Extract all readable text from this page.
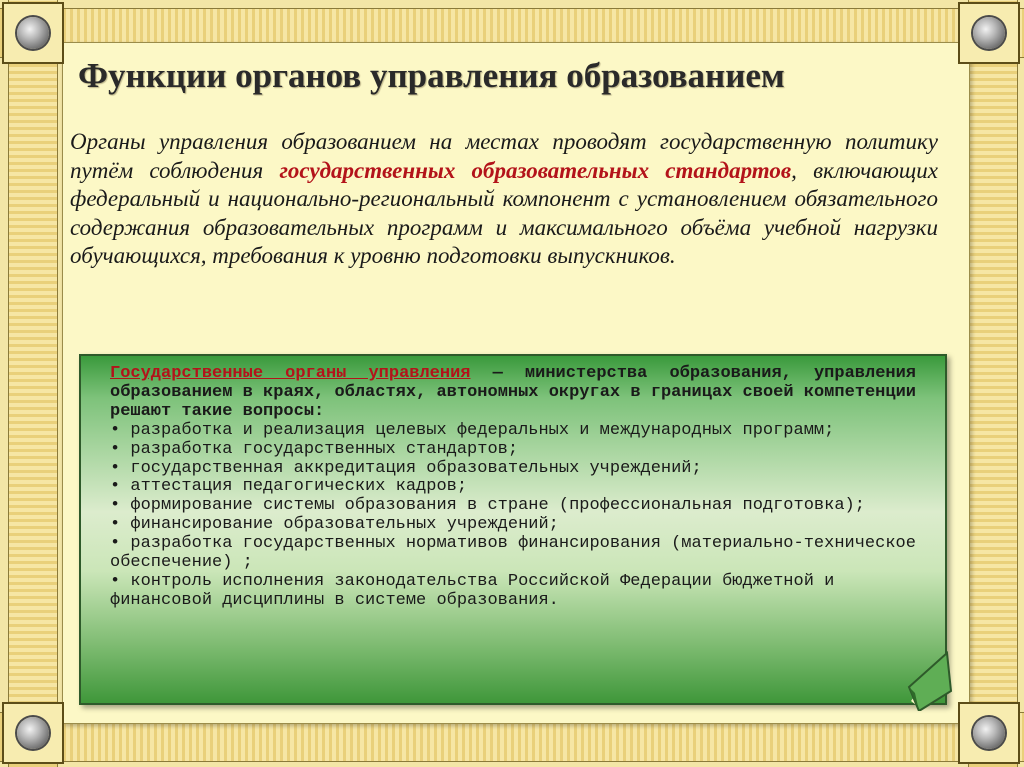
Функции органов управления образованием
Органы управления образованием на местах проводят государственную политику путём соблюдения государственных образовательных стандартов, включающих федеральный и национально-региональный компонент с установлением обязательного содержания образовательных программ и максимального объёма учебной нагрузки обучающихся, требования к уровню подготовки выпускников.
Государственные органы управления — министерства образования, управления образованием в краях, областях, автономных округах в границах своей компетенции решают такие вопросы:

• разработка и реализация целевых федеральных и международных программ;

• разработка государственных стандартов;

• государственная аккредитация образовательных учреждений;

• аттестация педагогических кадров;

• формирование системы образования в стране (профессиональная подготовка);

• финансирование образовательных учреждений;

• разработка государственных нормативов финансирования (материально-техническое обеспечение) ;

• контроль исполнения законодательства Российской Федерации бюджетной и финансовой дисциплины в системе образования.
